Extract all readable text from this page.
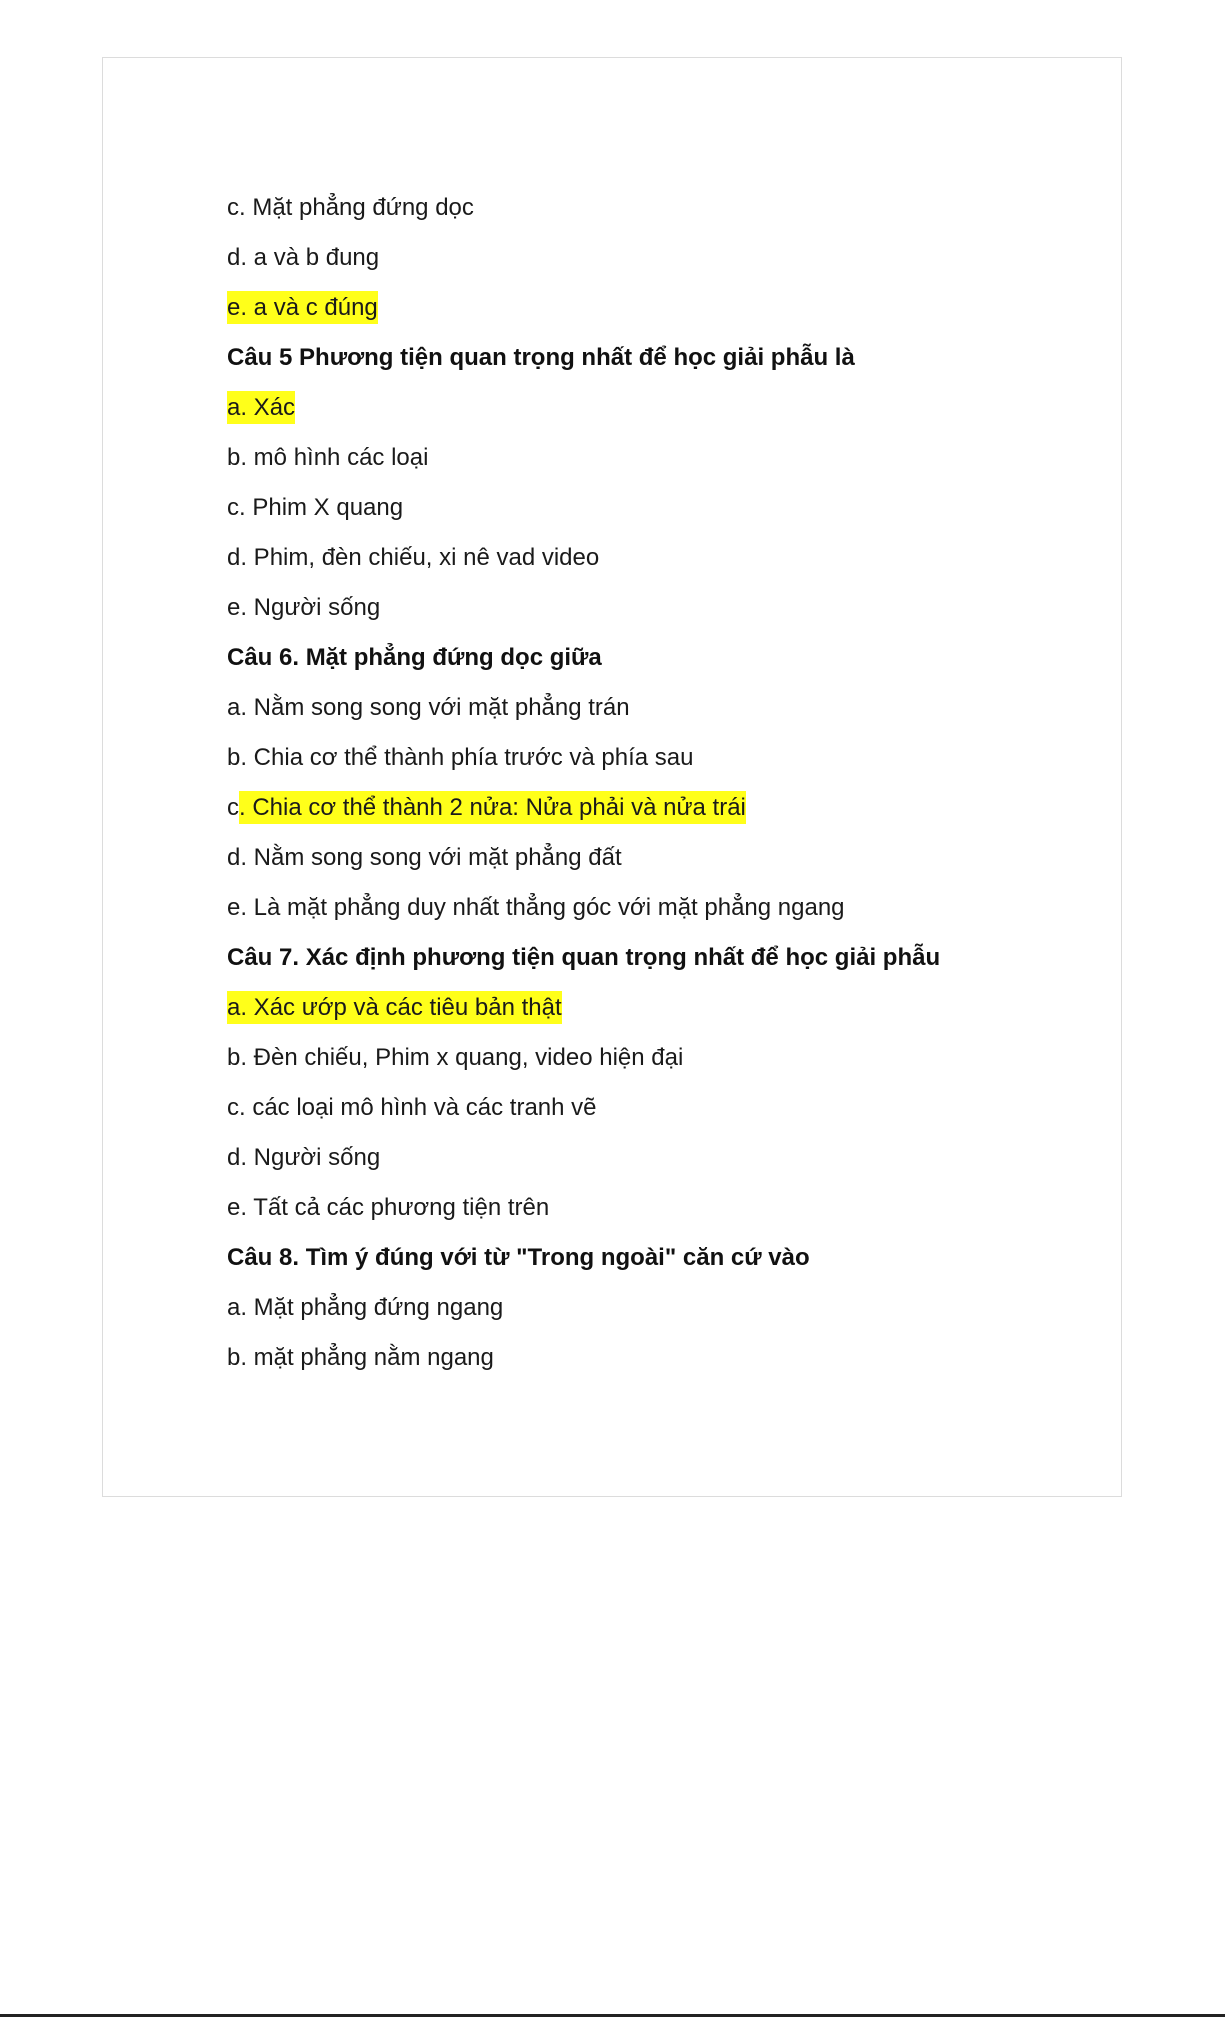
c. Mặt phẳng đứng dọc
d. a và b đung
e. a và c đúng
Câu 5 Phương tiện quan trọng nhất để học giải phẫu là
a. Xác
b. mô hình các loại
c. Phim X quang
d. Phim, đèn chiếu, xi nê vad video
e. Người sống
Câu 6. Mặt phẳng đứng dọc giữa
a. Nằm song song với mặt phẳng trán
b. Chia cơ thể thành phía trước và phía sau
c. Chia cơ thể thành 2 nửa: Nửa phải và nửa trái
d. Nằm song song với mặt phẳng đất
e. Là mặt phẳng duy nhất thẳng góc với mặt phẳng ngang
Câu 7. Xác định phương tiện quan trọng nhất để học giải phẫu
a. Xác ướp và các tiêu bản thật
b. Đèn chiếu, Phim x quang, video hiện đại
c. các loại mô hình và các tranh vẽ
d. Người sống
e. Tất cả các phương tiện trên
Câu 8. Tìm ý đúng với từ "Trong ngoài" căn cứ vào
a. Mặt phẳng đứng ngang
b. mặt phẳng nằm ngang
